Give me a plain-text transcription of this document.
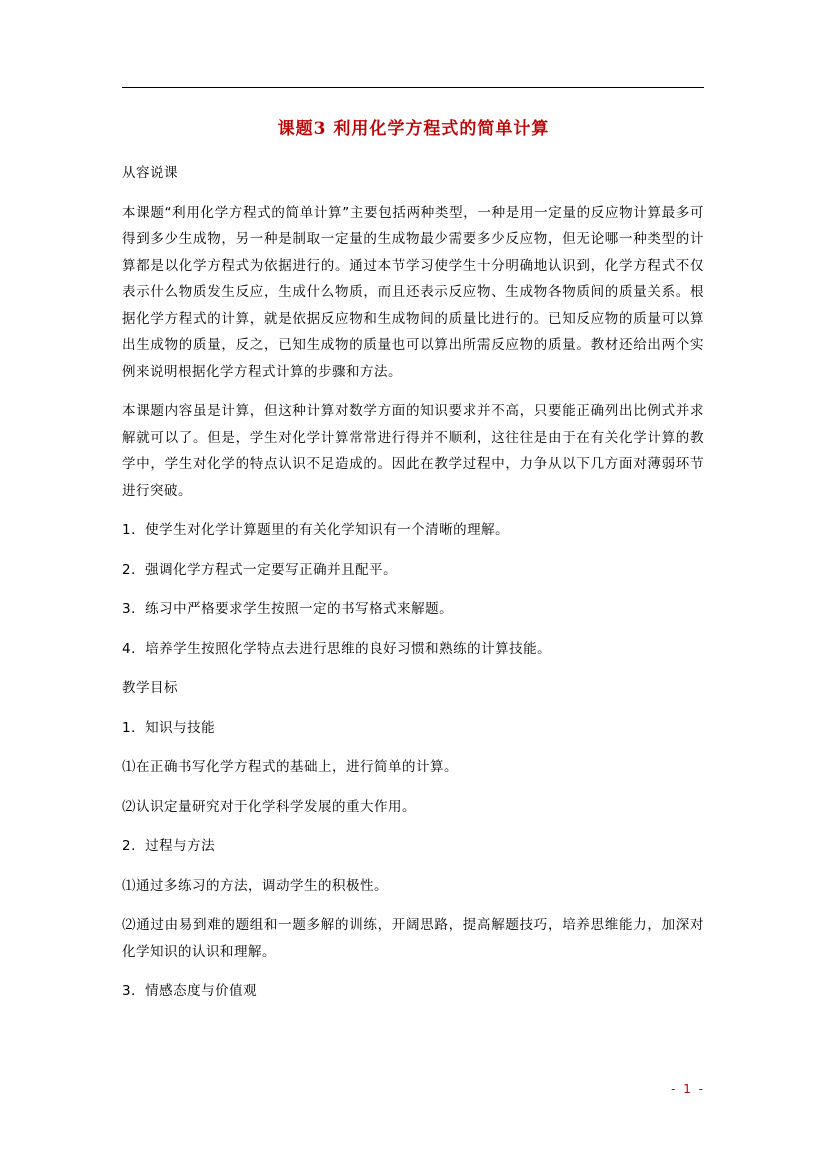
课题3 利用化学方程式的简单计算

从容说课

本课题“利用化学方程式的简单计算”主要包括两种类型，一种是用一定量的反应物计算最多可得到多少生成物，另一种是制取一定量的生成物最少需要多少反应物，但无论哪一种类型的计算都是以化学方程式为依据进行的。通过本节学习使学生十分明确地认识到，化学方程式不仅表示什么物质发生反应，生成什么物质，而且还表示反应物、生成物各物质间的质量关系。根据化学方程式的计算，就是依据反应物和生成物间的质量比进行的。已知反应物的质量可以算出生成物的质量，反之，已知生成物的质量也可以算出所需反应物的质量。教材还给出两个实例来说明根据化学方程式计算的步骤和方法。

本课题内容虽是计算，但这种计算对数学方面的知识要求并不高，只要能正确列出比例式并求解就可以了。但是，学生对化学计算常常进行得并不顺利，这往往是由于在有关化学计算的教学中，学生对化学的特点认识不足造成的。因此在教学过程中，力争从以下几方面对薄弱环节进行突破。

1．使学生对化学计算题里的有关化学知识有一个清晰的理解。

2．强调化学方程式一定要写正确并且配平。

3．练习中严格要求学生按照一定的书写格式来解题。

4．培养学生按照化学特点去进行思维的良好习惯和熟练的计算技能。

教学目标

1．知识与技能

⑴在正确书写化学方程式的基础上，进行简单的计算。

⑵认识定量研究对于化学科学发展的重大作用。

2．过程与方法

⑴通过多练习的方法，调动学生的积极性。

⑵通过由易到难的题组和一题多解的训练，开阔思路，提高解题技巧，培养思维能力，加深对化学知识的认识和理解。

3．情感态度与价值观

- 1 -
